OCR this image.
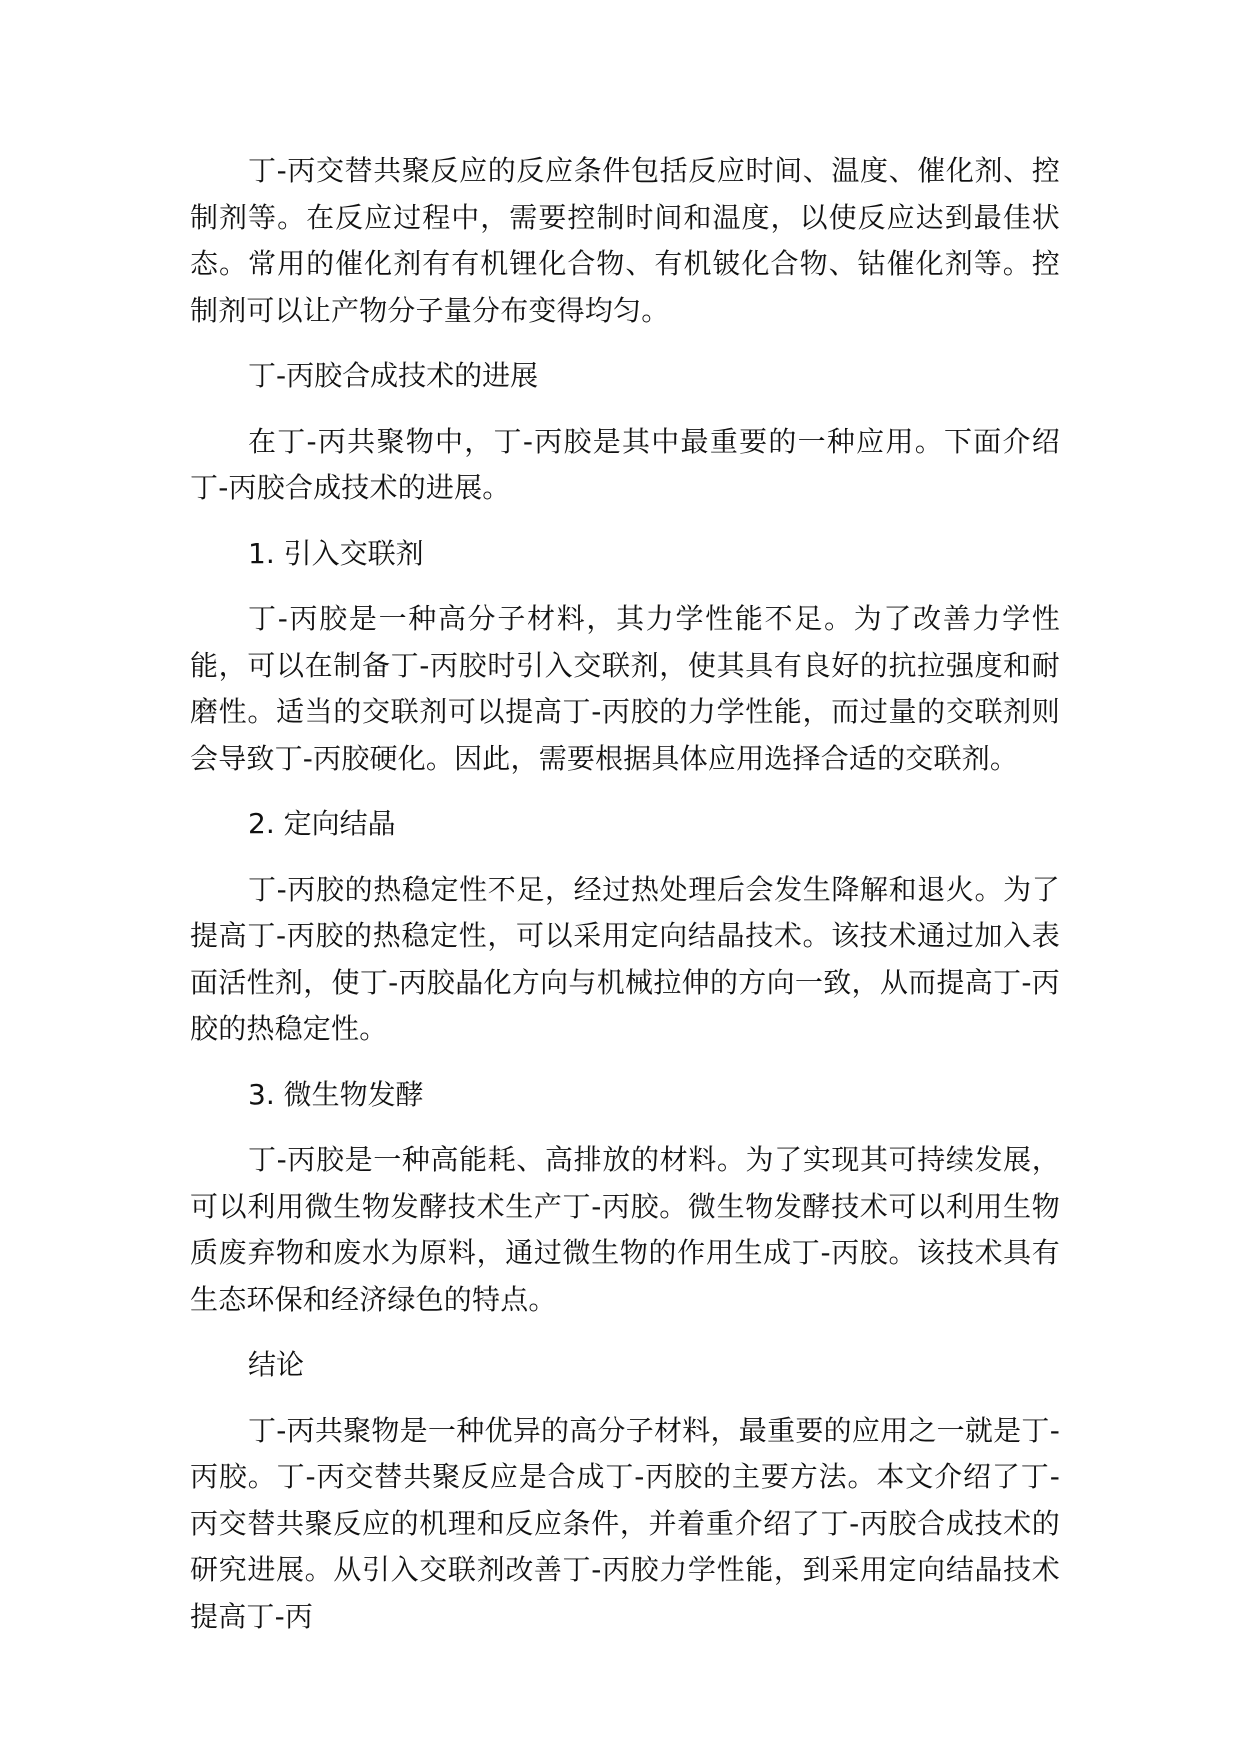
丁-丙交替共聚反应的反应条件包括反应时间、温度、催化剂、控制剂等。在反应过程中，需要控制时间和温度，以使反应达到最佳状态。常用的催化剂有有机锂化合物、有机铍化合物、钴催化剂等。控制剂可以让产物分子量分布变得均匀。

丁-丙胶合成技术的进展

在丁-丙共聚物中，丁-丙胶是其中最重要的一种应用。下面介绍丁-丙胶合成技术的进展。

1. 引入交联剂

丁-丙胶是一种高分子材料，其力学性能不足。为了改善力学性能，可以在制备丁-丙胶时引入交联剂，使其具有良好的抗拉强度和耐磨性。适当的交联剂可以提高丁-丙胶的力学性能，而过量的交联剂则会导致丁-丙胶硬化。因此，需要根据具体应用选择合适的交联剂。

2. 定向结晶

丁-丙胶的热稳定性不足，经过热处理后会发生降解和退火。为了提高丁-丙胶的热稳定性，可以采用定向结晶技术。该技术通过加入表面活性剂，使丁-丙胶晶化方向与机械拉伸的方向一致，从而提高丁-丙胶的热稳定性。

3. 微生物发酵

丁-丙胶是一种高能耗、高排放的材料。为了实现其可持续发展，可以利用微生物发酵技术生产丁-丙胶。微生物发酵技术可以利用生物质废弃物和废水为原料，通过微生物的作用生成丁-丙胶。该技术具有生态环保和经济绿色的特点。

结论

丁-丙共聚物是一种优异的高分子材料，最重要的应用之一就是丁-丙胶。丁-丙交替共聚反应是合成丁-丙胶的主要方法。本文介绍了丁-丙交替共聚反应的机理和反应条件，并着重介绍了丁-丙胶合成技术的研究进展。从引入交联剂改善丁-丙胶力学性能，到采用定向结晶技术提高丁-丙
